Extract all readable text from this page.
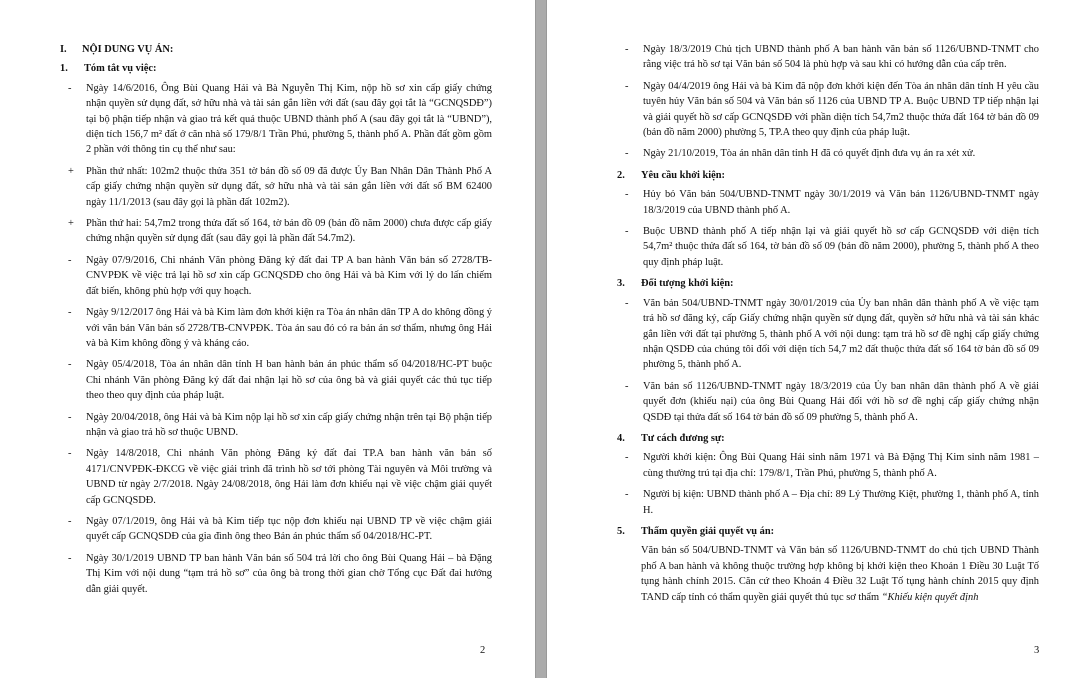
I.	NỘI DUNG VỤ ÁN:
1.	Tóm tắt vụ việc:
-	Ngày 14/6/2016, Ông Bùi Quang Hải và Bà Nguyễn Thị Kim, nộp hồ sơ xin cấp giấy chứng nhận quyền sử dụng đất, sở hữu nhà và tài sản gắn liền với đất (sau đây gọi tắt là “GCNQSDĐ”) tại bộ phận tiếp nhận và giao trả kết quả thuộc UBND thành phố A (sau đây gọi tắt là “UBND”), diện tích 156,7 m² đất ở căn nhà số 179/8/1 Trần Phú, phường 5, thành phố A. Phần đất gồm gồm 2 phần với thông tin cụ thể như sau:
+	Phần thứ nhất: 102m2 thuộc thửa 351 tờ bản đồ số 09 đã được Ủy Ban Nhân Dân Thành Phố A cấp giấy chứng nhận quyền sử dụng đất, sở hữu nhà và tài sản gắn liền với đất số BM 62400 ngày 11/1/2013 (sau đây gọi là phần đất 102m2).
+	Phần thứ hai: 54,7m2 trong thửa đất số 164, tờ bản đồ 09 (bản đồ năm 2000) chưa được cấp giấy chứng nhận quyền sử dụng đất (sau đây gọi là phần đất 54.7m2).
-	Ngày 07/9/2016, Chi nhánh Văn phòng Đăng ký đất đai TP A ban hành Văn bản số 2728/TB-CNVPĐK về việc trả lại hồ sơ xin cấp GCNQSDĐ cho ông Hải và bà Kim với lý do lấn chiếm đất biến, không phù hợp với quy hoạch.
-	Ngày 9/12/2017 ông Hải và bà Kim làm đơn khởi kiện ra Tòa án nhân dân TP A do không đồng ý với văn bản Văn bản số 2728/TB-CNVPĐK. Tòa án sau đó có ra bản án sơ thẩm, nhưng ông Hải và bà Kim không đồng ý và kháng cáo.
-	Ngày 05/4/2018, Tòa án nhân dân tỉnh H ban hành bản án phúc thẩm số 04/2018/HC-PT buộc Chi nhánh Văn phòng Đăng ký đất đai nhận lại hồ sơ của ông bà và giải quyết các thủ tục tiếp theo theo quy định của pháp luật.
-	Ngày 20/04/2018, ông Hải và bà Kim nộp lại hồ sơ xin cấp giấy chứng nhận trên tại Bộ phận tiếp nhận và giao trả hồ sơ thuộc UBND.
-	Ngày 14/8/2018, Chi nhánh Văn phòng Đăng ký đất đai TP.A ban hành văn bản số 4171/CNVPĐK-ĐKCG về việc giải trình đã trình hồ sơ tới phòng Tài nguyên và Môi trường và UBND từ ngày 2/7/2018. Ngày 24/08/2018, ông Hải làm đơn khiếu nại về việc chậm giải quyết cấp GCNQSDĐ.
-	Ngày 07/1/2019, ông Hải và bà Kim tiếp tục nộp đơn khiếu nại UBND TP về việc chậm giải quyết cấp GCNQSDĐ của gia đình ông theo Bản án phúc thẩm số 04/2018/HC-PT.
-	Ngày 30/1/2019 UBND TP ban hành Văn bản số 504 trả lời cho ông Bùi Quang Hải – bà Đặng Thị Kim với nội dung “tạm trả hồ sơ” của ông bà trong thời gian chờ Tổng cục Đất đai hướng dẫn giải quyết.
2
-	Ngày 18/3/2019 Chủ tịch UBND thành phố A ban hành văn bản số 1126/UBND-TNMT cho rằng việc trả hồ sơ tại Văn bản số 504 là phù hợp và sau khi có hướng dẫn của cấp trên.
-	Ngày 04/4/2019 ông Hải và bà Kim đã nộp đơn khởi kiện đến Tòa án nhân dân tỉnh H yêu cầu tuyên hủy Văn bản số 504 và Văn bản số 1126 của UBND TP A. Buộc UBND TP tiếp nhận lại và giải quyết hồ sơ cấp GCNQSDĐ với phần diện tích 54,7m2 thuộc thửa đất 164 tờ bản đồ 09 (bản đồ năm 2000) phường 5, TP.A theo quy định của pháp luật.
-	Ngày 21/10/2019, Tòa án nhân dân tỉnh H đã có quyết định đưa vụ án ra xét xử.
2.	Yêu cầu khởi kiện:
-	Hủy bỏ Văn bản 504/UBND-TNMT ngày 30/1/2019 và Văn bản 1126/UBND-TNMT ngày 18/3/2019 của UBND thành phố A.
-	Buộc UBND thành phố A tiếp nhận lại và giải quyết hồ sơ cấp GCNQSDĐ với diện tích 54,7m² thuộc thửa đất số 164, tờ bản đồ số 09 (bản đồ năm 2000), phường 5, thành phố A theo quy định pháp luật.
3.	Đối tượng khởi kiện:
-	Văn bản 504/UBND-TNMT ngày 30/01/2019 của Ủy ban nhân dân thành phố A về việc tạm trả hồ sơ đăng ký, cấp Giấy chứng nhận quyền sử dụng đất, quyền sở hữu nhà và tài sản khác gắn liền với đất tại phường 5, thành phố A với nội dung: tạm trả hồ sơ đề nghị cấp giấy chứng nhận QSDĐ của chúng tôi đối với diện tích 54,7 m2 đất thuộc thửa đất số 164 tờ bản đồ số 09 phường 5, thành phố A.
-	Văn bản số 1126/UBND-TNMT ngày 18/3/2019 của Ủy ban nhân dân thành phố A về giải quyết đơn (khiếu nại) của ông Bùi Quang Hải đối với hồ sơ đề nghị cấp giấy chứng nhận QSDĐ tại thửa đất số 164 tờ bản đồ số 09 phường 5, thành phố A.
4.	Tư cách đương sự:
-	Người khởi kiện: Ông Bùi Quang Hải sinh năm 1971 và Bà Đặng Thị Kim sinh năm 1981 – cùng thường trú tại địa chỉ: 179/8/1, Trần Phú, phường 5, thành phố A.
-	Người bị kiện: UBND thành phố A – Địa chỉ: 89 Lý Thường Kiệt, phường 1, thành phố A, tỉnh H.
5.	Thẩm quyền giải quyết vụ án:
Văn bản số 504/UBND-TNMT và Văn bản số 1126/UBND-TNMT do chủ tịch UBND Thành phố A ban hành và không thuộc trường hợp không bị khởi kiện theo Khoản 1 Điều 30 Luật Tố tụng hành chính 2015. Căn cứ theo Khoản 4 Điều 32 Luật Tố tụng hành chính 2015 quy định TAND cấp tỉnh có thẩm quyền giải quyết thủ tục sơ thẩm “Khiếu kiện quyết định
3
